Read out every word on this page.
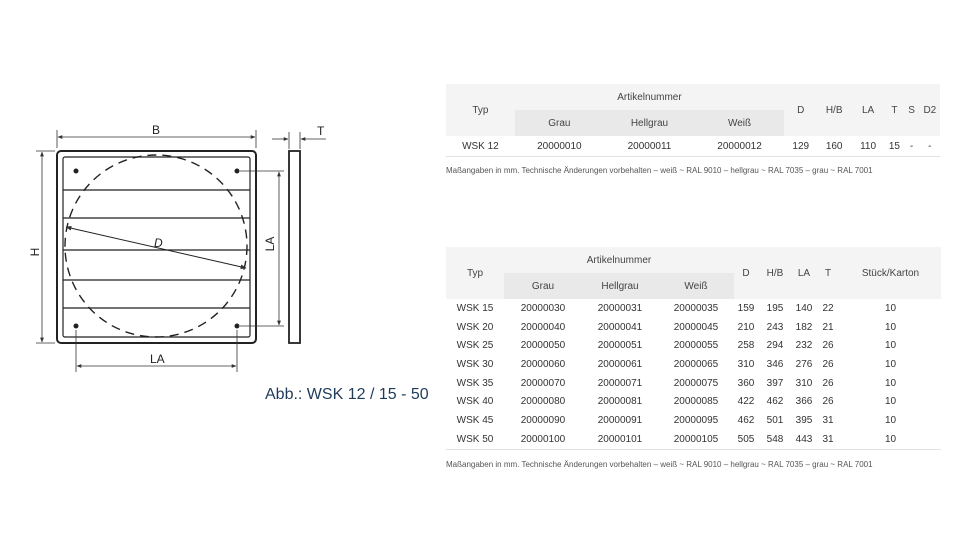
D
B
H
LA
LA
T
Abb.: WSK 12 / 15 - 50
Typ	Artikelnummer			D	H/B	LA	T	S	D2
	Grau	Hellgrau	Weiß						
WSK 12	20000010	20000011	20000012	129	160	110	15	-	-
Maßangaben in mm. Technische Änderungen vorbehalten – weiß ~ RAL 9010 – hellgrau ~ RAL 7035 – grau ~ RAL 7001
Typ	Artikelnummer			D	H/B	LA	T	Stück/Karton
	Grau	Hellgrau	Weiß					
WSK 15	20000030	20000031	20000035	159	195	140	22	10
WSK 20	20000040	20000041	20000045	210	243	182	21	10
WSK 25	20000050	20000051	20000055	258	294	232	26	10
WSK 30	20000060	20000061	20000065	310	346	276	26	10
WSK 35	20000070	20000071	20000075	360	397	310	26	10
WSK 40	20000080	20000081	20000085	422	462	366	26	10
WSK 45	20000090	20000091	20000095	462	501	395	31	10
WSK 50	20000100	20000101	20000105	505	548	443	31	10
Maßangaben in mm. Technische Änderungen vorbehalten – weiß ~ RAL 9010 – hellgrau ~ RAL 7035 – grau ~ RAL 7001
